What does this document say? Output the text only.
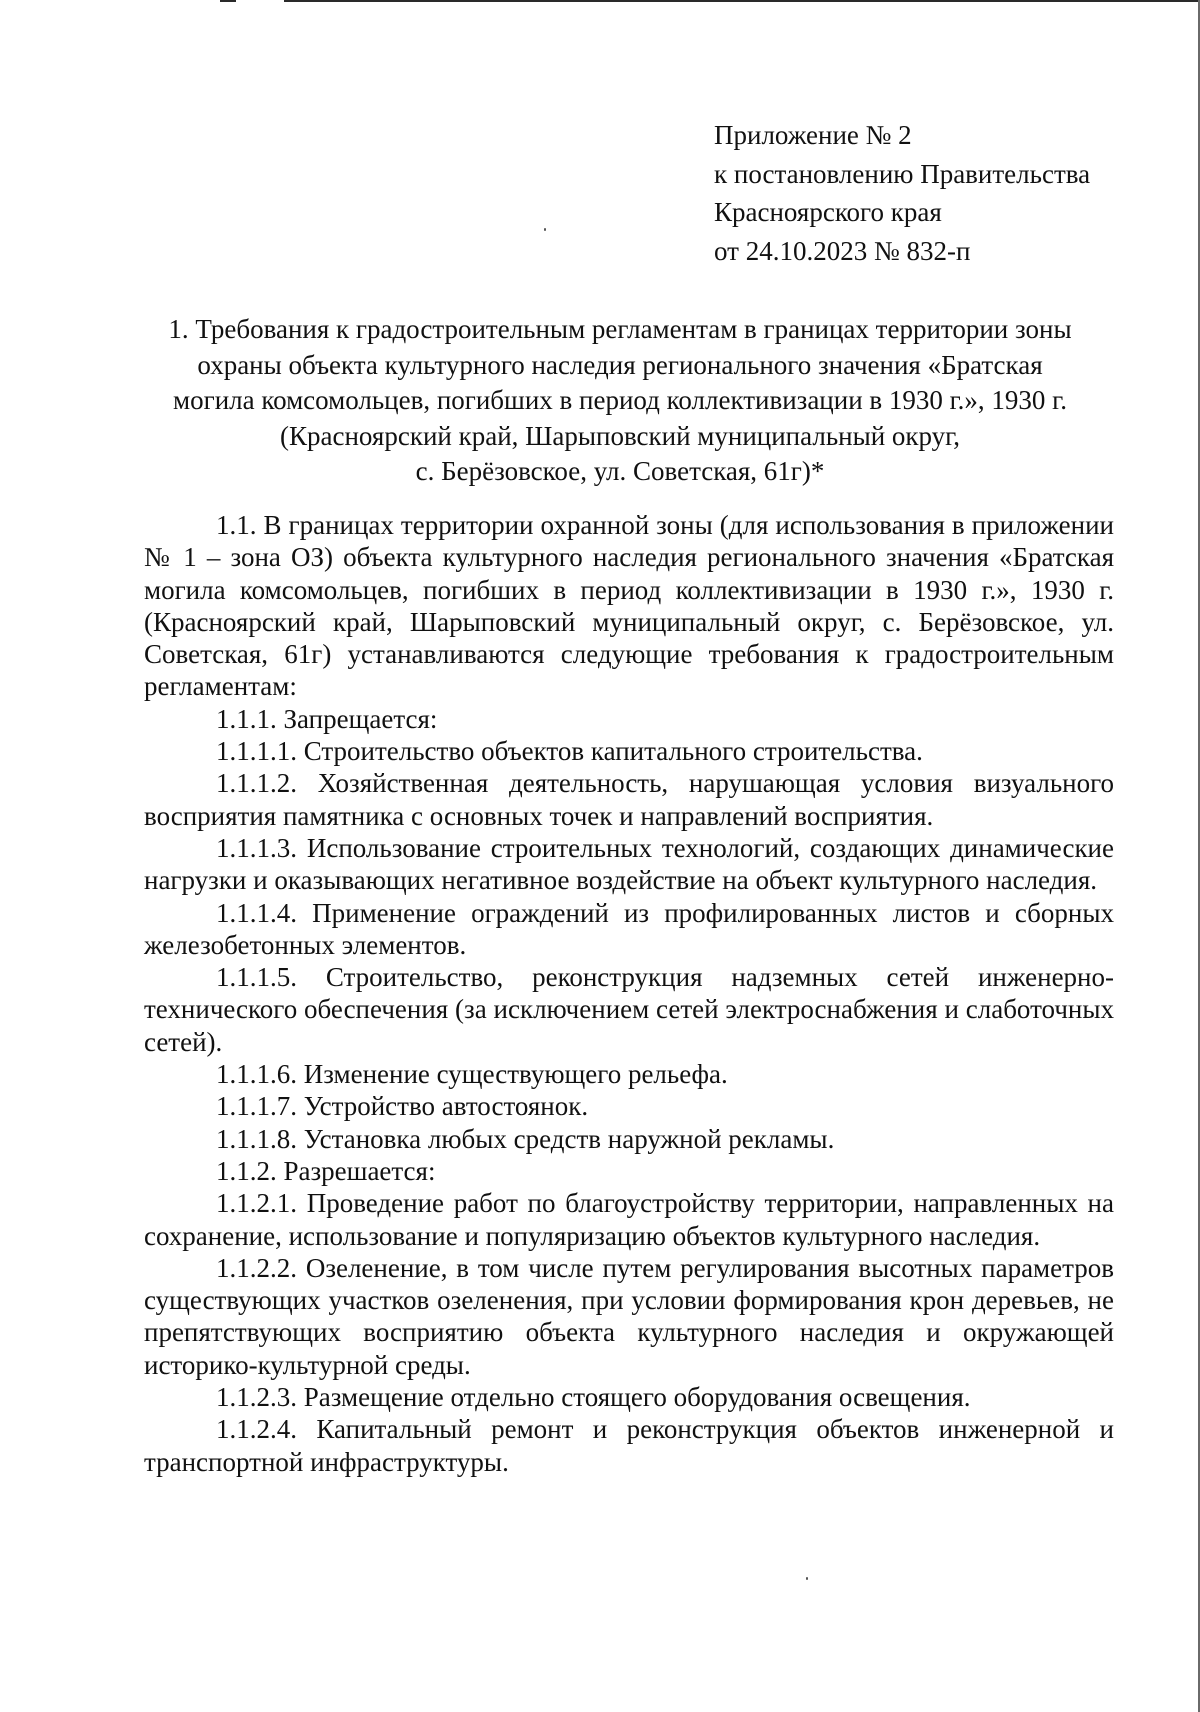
Приложение № 2
к постановлению Правительства
Красноярского края
от 24.10.2023 № 832-п
1. Требования к градостроительным регламентам в границах территории зоны
охраны объекта культурного наследия регионального значения «Братская
могила комсомольцев, погибших в период коллективизации в 1930 г.», 1930 г.
(Красноярский край, Шарыповский муниципальный округ,
с. Берёзовское, ул. Советская, 61г)*

1.1. В границах территории охранной зоны (для использования в приложении № 1 – зона ОЗ) объекта культурного наследия регионального значения «Братская могила комсомольцев, погибших в период коллективизации в 1930 г.», 1930 г. (Красноярский край, Шарыповский муниципальный округ, с. Берёзовское, ул. Советская, 61г) устанавливаются следующие требования к градостроительным регламентам:

1.1.1. Запрещается:

1.1.1.1. Строительство объектов капитального строительства.

1.1.1.2. Хозяйственная деятельность, нарушающая условия визуального восприятия памятника с основных точек и направлений восприятия.

1.1.1.3. Использование строительных технологий, создающих динамические нагрузки и оказывающих негативное воздействие на объект культурного наследия.

1.1.1.4. Применение ограждений из профилированных листов и сборных железобетонных элементов.

1.1.1.5. Строительство, реконструкция надземных сетей инженерно-технического обеспечения (за исключением сетей электроснабжения и слаботочных сетей).

1.1.1.6. Изменение существующего рельефа.

1.1.1.7. Устройство автостоянок.

1.1.1.8. Установка любых средств наружной рекламы.

1.1.2. Разрешается:

1.1.2.1. Проведение работ по благоустройству территории, направленных на сохранение, использование и популяризацию объектов культурного наследия.

1.1.2.2. Озеленение, в том числе путем регулирования высотных параметров существующих участков озеленения, при условии формирования крон деревьев, не препятствующих восприятию объекта культурного наследия и окружающей историко-культурной среды.

1.1.2.3. Размещение отдельно стоящего оборудования освещения.

1.1.2.4. Капитальный ремонт и реконструкция объектов инженерной и транспортной инфраструктуры.
